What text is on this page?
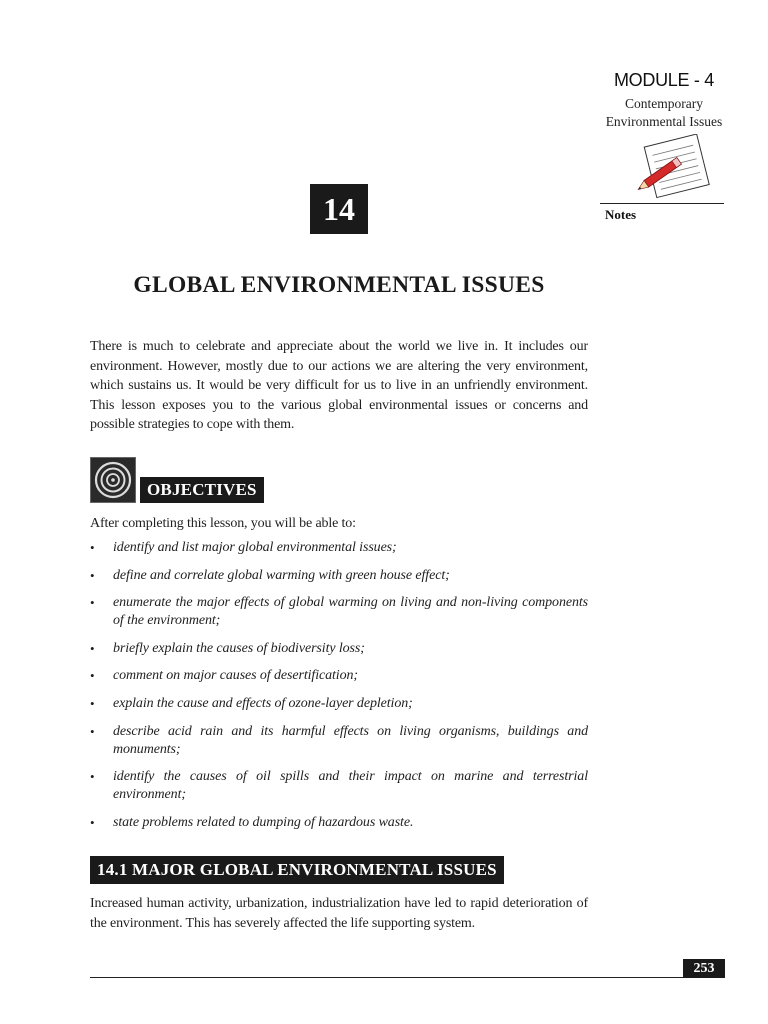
MODULE - 4
Contemporary
Environmental Issues
Notes
14
GLOBAL ENVIRONMENTAL ISSUES
There is much to celebrate and appreciate about the world we live in. It includes our environment. However, mostly due to our actions we are altering the very environment, which sustains us. It would be very difficult for us to live in an unfriendly environment. This lesson exposes you to the various global environmental issues or concerns and possible strategies to cope with them.
OBJECTIVES
After completing this lesson, you will be able to:
• identify and list major global environmental issues;
• define and correlate global warming with green house effect;
• enumerate the major effects of global warming on living and non-living components of the environment;
• briefly explain the causes of biodiversity loss;
• comment on major causes of desertification;
• explain the cause and effects of ozone-layer depletion;
• describe acid rain and its harmful effects on living organisms, buildings and monuments;
• identify the causes of oil spills and their impact on marine and terrestrial environment;
• state problems related to dumping of hazardous waste.
14.1 MAJOR GLOBAL ENVIRONMENTAL ISSUES
Increased human activity, urbanization, industrialization have led to rapid deterioration of the environment. This has severely affected the life supporting system.
253
